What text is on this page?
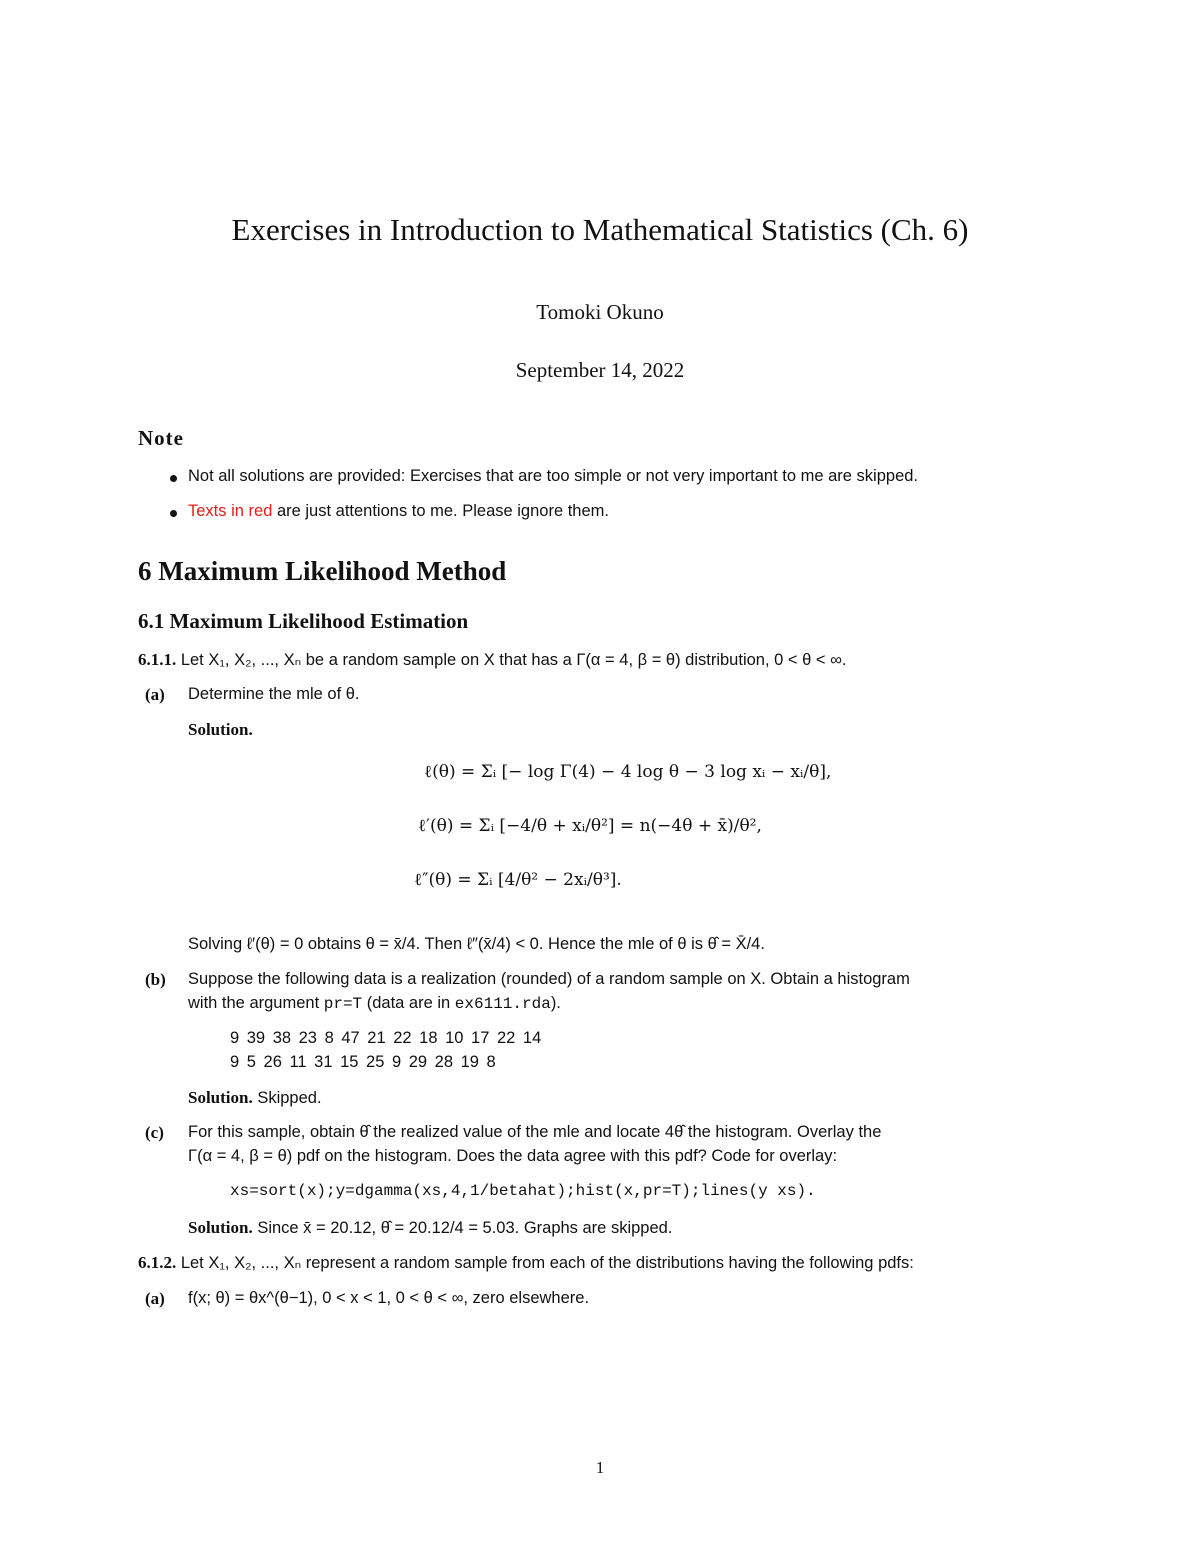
Exercises in Introduction to Mathematical Statistics (Ch. 6)
Tomoki Okuno
September 14, 2022
Note
Not all solutions are provided: Exercises that are too simple or not very important to me are skipped.
Texts in red are just attentions to me. Please ignore them.
6 Maximum Likelihood Method
6.1 Maximum Likelihood Estimation
6.1.1. Let X₁, X₂, ..., Xₙ be a random sample on X that has a Γ(α = 4, β = θ) distribution, 0 < θ < ∞.
(a) Determine the mle of θ.
Solution.
ℓ(θ) = Σᵢ [− log Γ(4) − 4 log θ − 3 log xᵢ − xᵢ/θ],
ℓ′(θ) = Σᵢ [−4/θ + xᵢ/θ²] = n(−4θ + x̄)/θ²,
ℓ″(θ) = Σᵢ [4/θ² − 2xᵢ/θ³].
Solving ℓ′(θ) = 0 obtains θ = x̄/4. Then ℓ″(x̄/4) < 0. Hence the mle of θ is θ̂ = X̄/4.
(b) Suppose the following data is a realization (rounded) of a random sample on X. Obtain a histogram
with the argument pr=T (data are in ex6111.rda).
9 39 38 23 8 47 21 22 18 10 17 22 14
9 5 26 11 31 15 25 9 29 28 19 8
Solution. Skipped.
(c) For this sample, obtain θ̂ the realized value of the mle and locate 4θ̂ the histogram. Overlay the
Γ(α = 4, β = θ) pdf on the histogram. Does the data agree with this pdf? Code for overlay:
xs=sort(x);y=dgamma(xs,4,1/betahat);hist(x,pr=T);lines(y xs).
Solution. Since x̄ = 20.12, θ̂ = 20.12/4 = 5.03. Graphs are skipped.
6.1.2. Let X₁, X₂, ..., Xₙ represent a random sample from each of the distributions having the following pdfs:
(a) f(x; θ) = θx^(θ−1), 0 < x < 1, 0 < θ < ∞, zero elsewhere.
1
